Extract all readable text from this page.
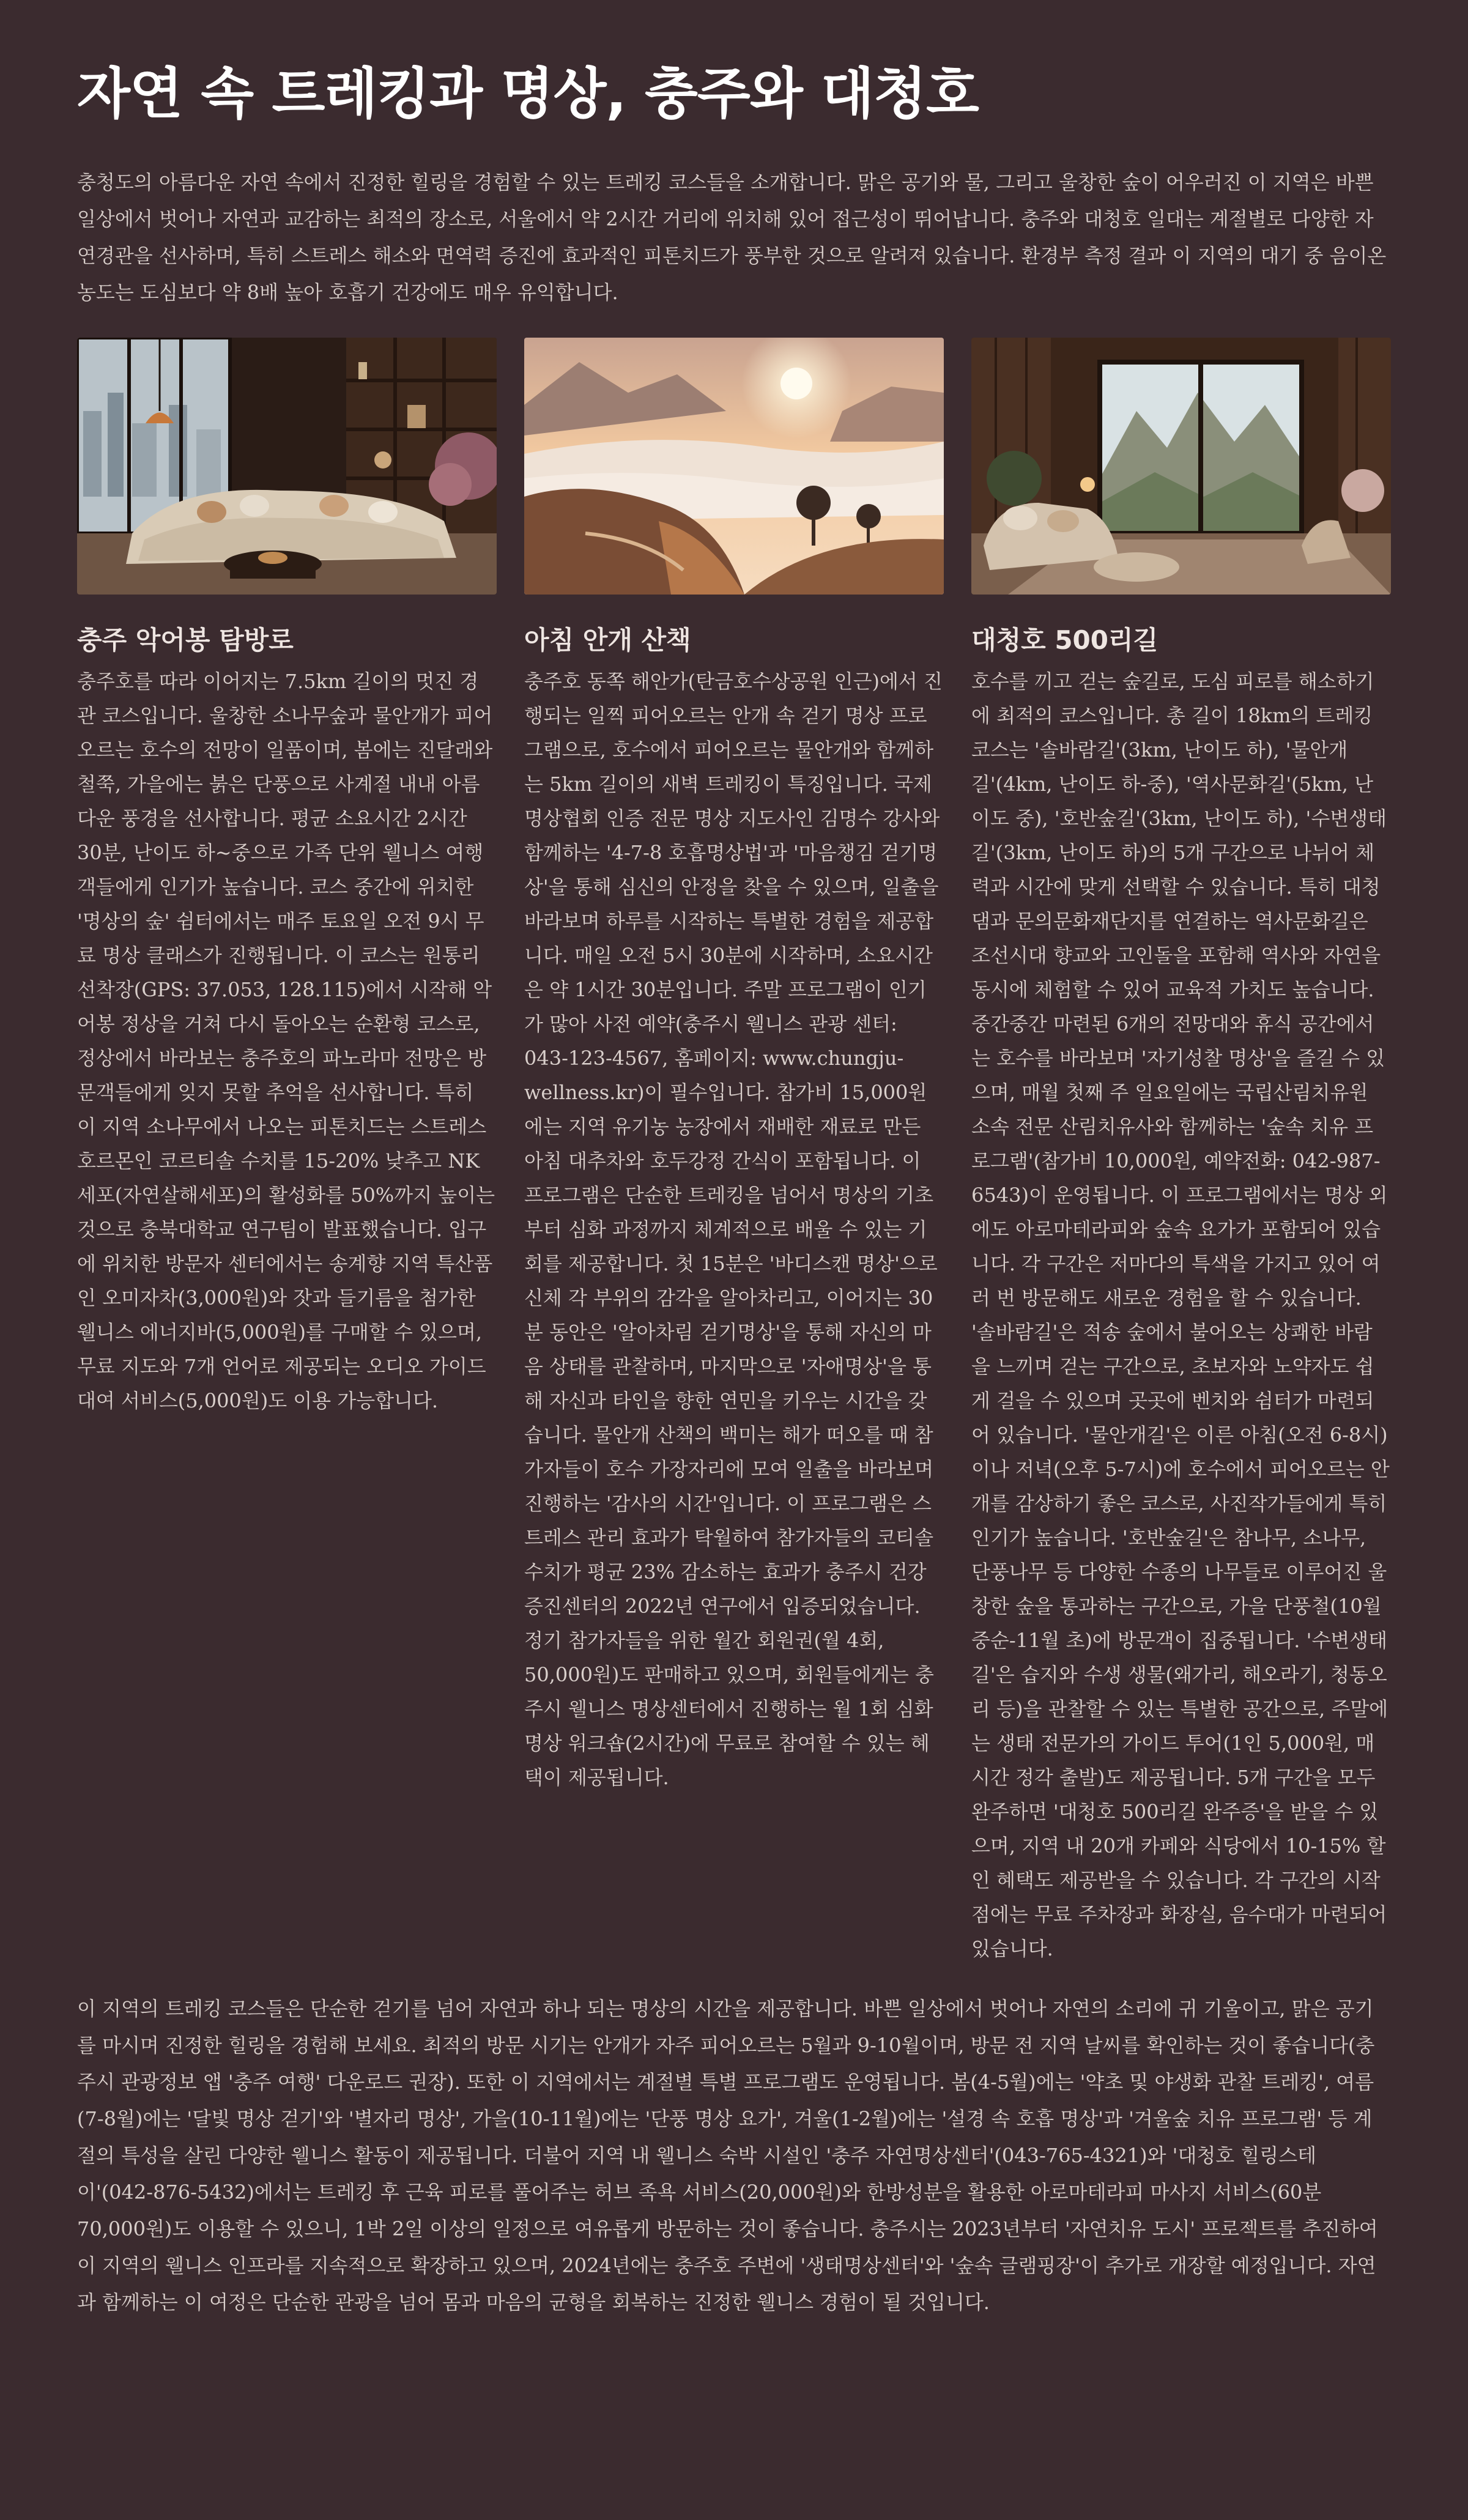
자연 속 트레킹과 명상, 충주와 대청호

충청도의 아름다운 자연 속에서 진정한 힐링을 경험할 수 있는 트레킹 코스들을 소개합니다. 맑은 공기와 물, 그리고 울창한 숲이 어우러진 이 지역은 바쁜 일상에서 벗어나 자연과 교감하는 최적의 장소로, 서울에서 약 2시간 거리에 위치해 있어 접근성이 뛰어납니다. 충주와 대청호 일대는 계절별로 다양한 자연경관을 선사하며, 특히 스트레스 해소와 면역력 증진에 효과적인 피톤치드가 풍부한 것으로 알려져 있습니다. 환경부 측정 결과 이 지역의 대기 중 음이온 농도는 도심보다 약 8배 높아 호흡기 건강에도 매우 유익합니다.

충주 악어봉 탐방로

충주호를 따라 이어지는 7.5km 길이의 멋진 경관 코스입니다. 울창한 소나무숲과 물안개가 피어오르는 호수의 전망이 일품이며, 봄에는 진달래와 철쭉, 가을에는 붉은 단풍으로 사계절 내내 아름다운 풍경을 선사합니다. 평균 소요시간 2시간 30분, 난이도 하~중으로 가족 단위 웰니스 여행객들에게 인기가 높습니다. 코스 중간에 위치한 '명상의 숲' 쉼터에서는 매주 토요일 오전 9시 무료 명상 클래스가 진행됩니다. 이 코스는 원통리 선착장(GPS: 37.053, 128.115)에서 시작해 악어봉 정상을 거쳐 다시 돌아오는 순환형 코스로, 정상에서 바라보는 충주호의 파노라마 전망은 방문객들에게 잊지 못할 추억을 선사합니다. 특히 이 지역 소나무에서 나오는 피톤치드는 스트레스 호르몬인 코르티솔 수치를 15-20% 낮추고 NK세포(자연살해세포)의 활성화를 50%까지 높이는 것으로 충북대학교 연구팀이 발표했습니다. 입구에 위치한 방문자 센터에서는 송계향 지역 특산품인 오미자차(3,000원)와 잣과 들기름을 첨가한 웰니스 에너지바(5,000원)를 구매할 수 있으며, 무료 지도와 7개 언어로 제공되는 오디오 가이드 대여 서비스(5,000원)도 이용 가능합니다.

아침 안개 산책

충주호 동쪽 해안가(탄금호수상공원 인근)에서 진행되는 일찍 피어오르는 안개 속 걷기 명상 프로그램으로, 호수에서 피어오르는 물안개와 함께하는 5km 길이의 새벽 트레킹이 특징입니다. 국제명상협회 인증 전문 명상 지도사인 김명수 강사와 함께하는 '4-7-8 호흡명상법'과 '마음챙김 걷기명상'을 통해 심신의 안정을 찾을 수 있으며, 일출을 바라보며 하루를 시작하는 특별한 경험을 제공합니다. 매일 오전 5시 30분에 시작하며, 소요시간은 약 1시간 30분입니다. 주말 프로그램이 인기가 많아 사전 예약(충주시 웰니스 관광 센터: 043-123-4567, 홈페이지: www.chungju-wellness.kr)이 필수입니다. 참가비 15,000원에는 지역 유기농 농장에서 재배한 재료로 만든 아침 대추차와 호두강정 간식이 포함됩니다. 이 프로그램은 단순한 트레킹을 넘어서 명상의 기초부터 심화 과정까지 체계적으로 배울 수 있는 기회를 제공합니다. 첫 15분은 '바디스캔 명상'으로 신체 각 부위의 감각을 알아차리고, 이어지는 30분 동안은 '알아차림 걷기명상'을 통해 자신의 마음 상태를 관찰하며, 마지막으로 '자애명상'을 통해 자신과 타인을 향한 연민을 키우는 시간을 갖습니다. 물안개 산책의 백미는 해가 떠오를 때 참가자들이 호수 가장자리에 모여 일출을 바라보며 진행하는 '감사의 시간'입니다. 이 프로그램은 스트레스 관리 효과가 탁월하여 참가자들의 코티솔 수치가 평균 23% 감소하는 효과가 충주시 건강증진센터의 2022년 연구에서 입증되었습니다. 정기 참가자들을 위한 월간 회원권(월 4회, 50,000원)도 판매하고 있으며, 회원들에게는 충주시 웰니스 명상센터에서 진행하는 월 1회 심화 명상 워크숍(2시간)에 무료로 참여할 수 있는 혜택이 제공됩니다.

대청호 500리길

호수를 끼고 걷는 숲길로, 도심 피로를 해소하기에 최적의 코스입니다. 총 길이 18km의 트레킹 코스는 '솔바람길'(3km, 난이도 하), '물안개길'(4km, 난이도 하-중), '역사문화길'(5km, 난이도 중), '호반숲길'(3km, 난이도 하), '수변생태길'(3km, 난이도 하)의 5개 구간으로 나뉘어 체력과 시간에 맞게 선택할 수 있습니다. 특히 대청댐과 문의문화재단지를 연결하는 역사문화길은 조선시대 향교와 고인돌을 포함해 역사와 자연을 동시에 체험할 수 있어 교육적 가치도 높습니다. 중간중간 마련된 6개의 전망대와 휴식 공간에서는 호수를 바라보며 '자기성찰 명상'을 즐길 수 있으며, 매월 첫째 주 일요일에는 국립산림치유원 소속 전문 산림치유사와 함께하는 '숲속 치유 프로그램'(참가비 10,000원, 예약전화: 042-987-6543)이 운영됩니다. 이 프로그램에서는 명상 외에도 아로마테라피와 숲속 요가가 포함되어 있습니다. 각 구간은 저마다의 특색을 가지고 있어 여러 번 방문해도 새로운 경험을 할 수 있습니다. '솔바람길'은 적송 숲에서 불어오는 상쾌한 바람을 느끼며 걷는 구간으로, 초보자와 노약자도 쉽게 걸을 수 있으며 곳곳에 벤치와 쉼터가 마련되어 있습니다. '물안개길'은 이른 아침(오전 6-8시)이나 저녁(오후 5-7시)에 호수에서 피어오르는 안개를 감상하기 좋은 코스로, 사진작가들에게 특히 인기가 높습니다. '호반숲길'은 참나무, 소나무, 단풍나무 등 다양한 수종의 나무들로 이루어진 울창한 숲을 통과하는 구간으로, 가을 단풍철(10월 중순-11월 초)에 방문객이 집중됩니다. '수변생태길'은 습지와 수생 생물(왜가리, 해오라기, 청동오리 등)을 관찰할 수 있는 특별한 공간으로, 주말에는 생태 전문가의 가이드 투어(1인 5,000원, 매 시간 정각 출발)도 제공됩니다. 5개 구간을 모두 완주하면 '대청호 500리길 완주증'을 받을 수 있으며, 지역 내 20개 카페와 식당에서 10-15% 할인 혜택도 제공받을 수 있습니다. 각 구간의 시작점에는 무료 주차장과 화장실, 음수대가 마련되어 있습니다.

이 지역의 트레킹 코스들은 단순한 걷기를 넘어 자연과 하나 되는 명상의 시간을 제공합니다. 바쁜 일상에서 벗어나 자연의 소리에 귀 기울이고, 맑은 공기를 마시며 진정한 힐링을 경험해 보세요. 최적의 방문 시기는 안개가 자주 피어오르는 5월과 9-10월이며, 방문 전 지역 날씨를 확인하는 것이 좋습니다(충주시 관광정보 앱 '충주 여행' 다운로드 권장). 또한 이 지역에서는 계절별 특별 프로그램도 운영됩니다. 봄(4-5월)에는 '약초 및 야생화 관찰 트레킹', 여름(7-8월)에는 '달빛 명상 걷기'와 '별자리 명상', 가을(10-11월)에는 '단풍 명상 요가', 겨울(1-2월)에는 '설경 속 호흡 명상'과 '겨울숲 치유 프로그램' 등 계절의 특성을 살린 다양한 웰니스 활동이 제공됩니다. 더불어 지역 내 웰니스 숙박 시설인 '충주 자연명상센터'(043-765-4321)와 '대청호 힐링스테이'(042-876-5432)에서는 트레킹 후 근육 피로를 풀어주는 허브 족욕 서비스(20,000원)와 한방성분을 활용한 아로마테라피 마사지 서비스(60분 70,000원)도 이용할 수 있으니, 1박 2일 이상의 일정으로 여유롭게 방문하는 것이 좋습니다. 충주시는 2023년부터 '자연치유 도시' 프로젝트를 추진하여 이 지역의 웰니스 인프라를 지속적으로 확장하고 있으며, 2024년에는 충주호 주변에 '생태명상센터'와 '숲속 글램핑장'이 추가로 개장할 예정입니다. 자연과 함께하는 이 여정은 단순한 관광을 넘어 몸과 마음의 균형을 회복하는 진정한 웰니스 경험이 될 것입니다.
